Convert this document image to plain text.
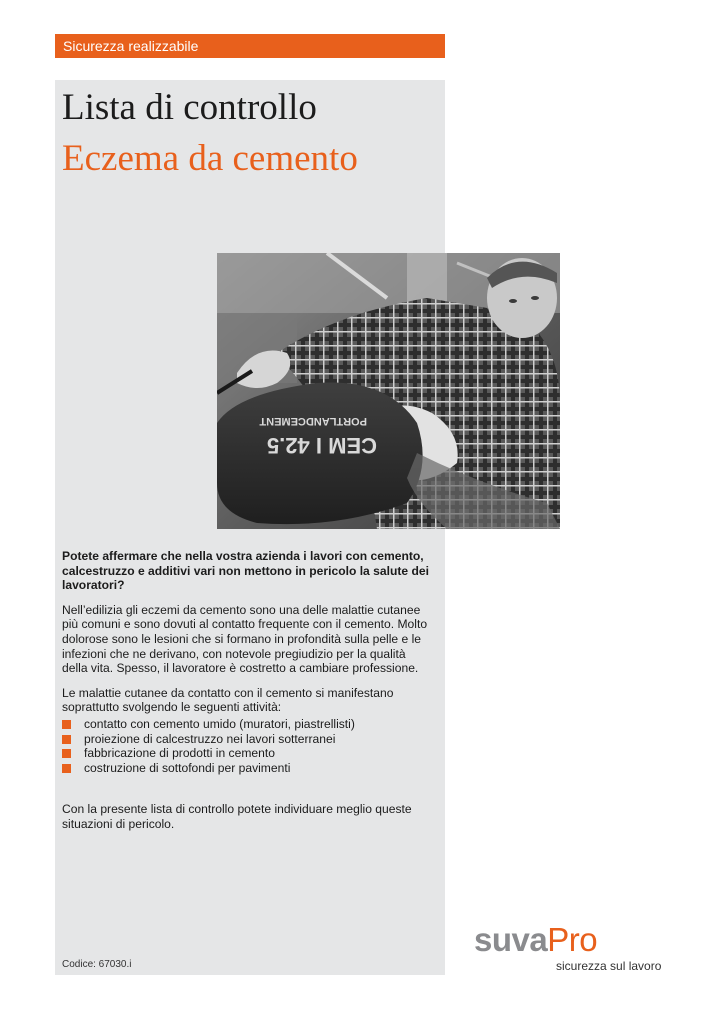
Sicurezza realizzabile
Lista di controllo
Eczema da cemento
CEM I 42.5
PORTLANDCEMENT

Potete affermare che nella vostra azienda i lavori con cemento, calcestruzzo e additivi vari non mettono in pericolo la salute dei lavoratori?

Nell’edilizia gli eczemi da cemento sono una delle malattie cutanee più comuni e sono dovuti al contatto frequente con il cemento. Molto dolorose sono le lesioni che si formano in profondità sulla pelle e le infezioni che ne derivano, con notevole pregiudizio per la qualità della vita. Spesso, il lavoratore è costretto a cambiare professione.

Le malattie cutanee da contatto con il cemento si manifestano soprattutto svolgendo le seguenti attività:

contatto con cemento umido (muratori, piastrellisti)
proiezione di calcestruzzo nei lavori sotterranei
fabbricazione di prodotti in cemento
costruzione di sottofondi per pavimenti

Con la presente lista di controllo potete individuare meglio queste situazioni di pericolo.

Codice: 67030.i
suvaPro
sicurezza sul lavoro
